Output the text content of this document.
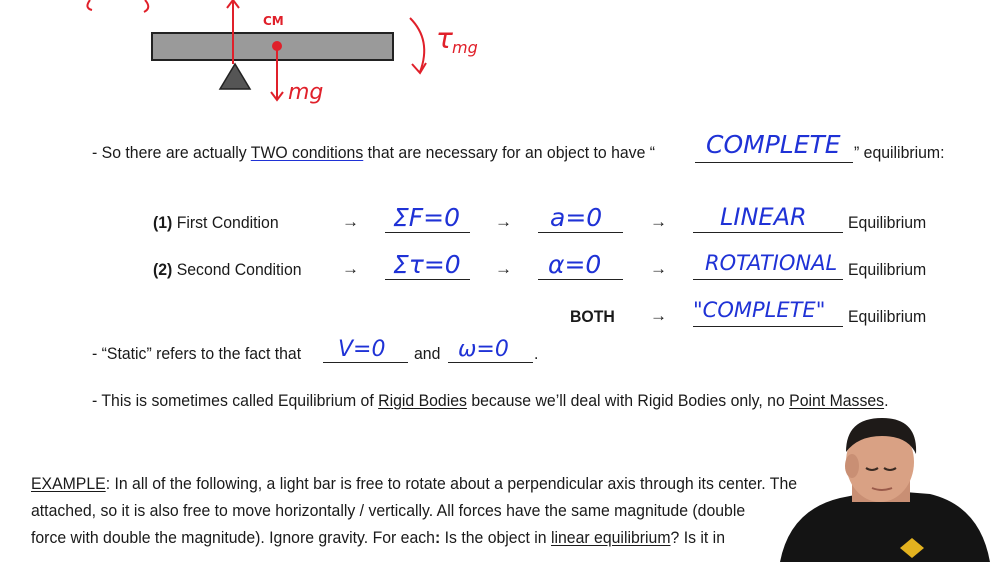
CM
mg
τ mg
- So there are actually TWO conditions that are necessary for an object to have “ COMPLETE ” equilibrium:
(1) First Condition	→ ΣF=0 → a=0	→ LINEAR Equilibrium
(2) Second Condition → Στ=0 → α=0	→ ROTATIONAL Equilibrium
BOTH → "COMPLETE" Equilibrium
- “Static” refers to the fact that V=0 and ω=0 .
- This is sometimes called Equilibrium of Rigid Bodies because we’ll deal with Rigid Bodies only, no Point Masses.
EXAMPLE: In all of the following, a light bar is free to rotate about a perpendicular axis through its center. The
attached, so it is also free to move horizontally / vertically. All forces have the same magnitude (double
force with double the magnitude). Ignore gravity. For each: Is the object in linear equilibrium? Is it in
